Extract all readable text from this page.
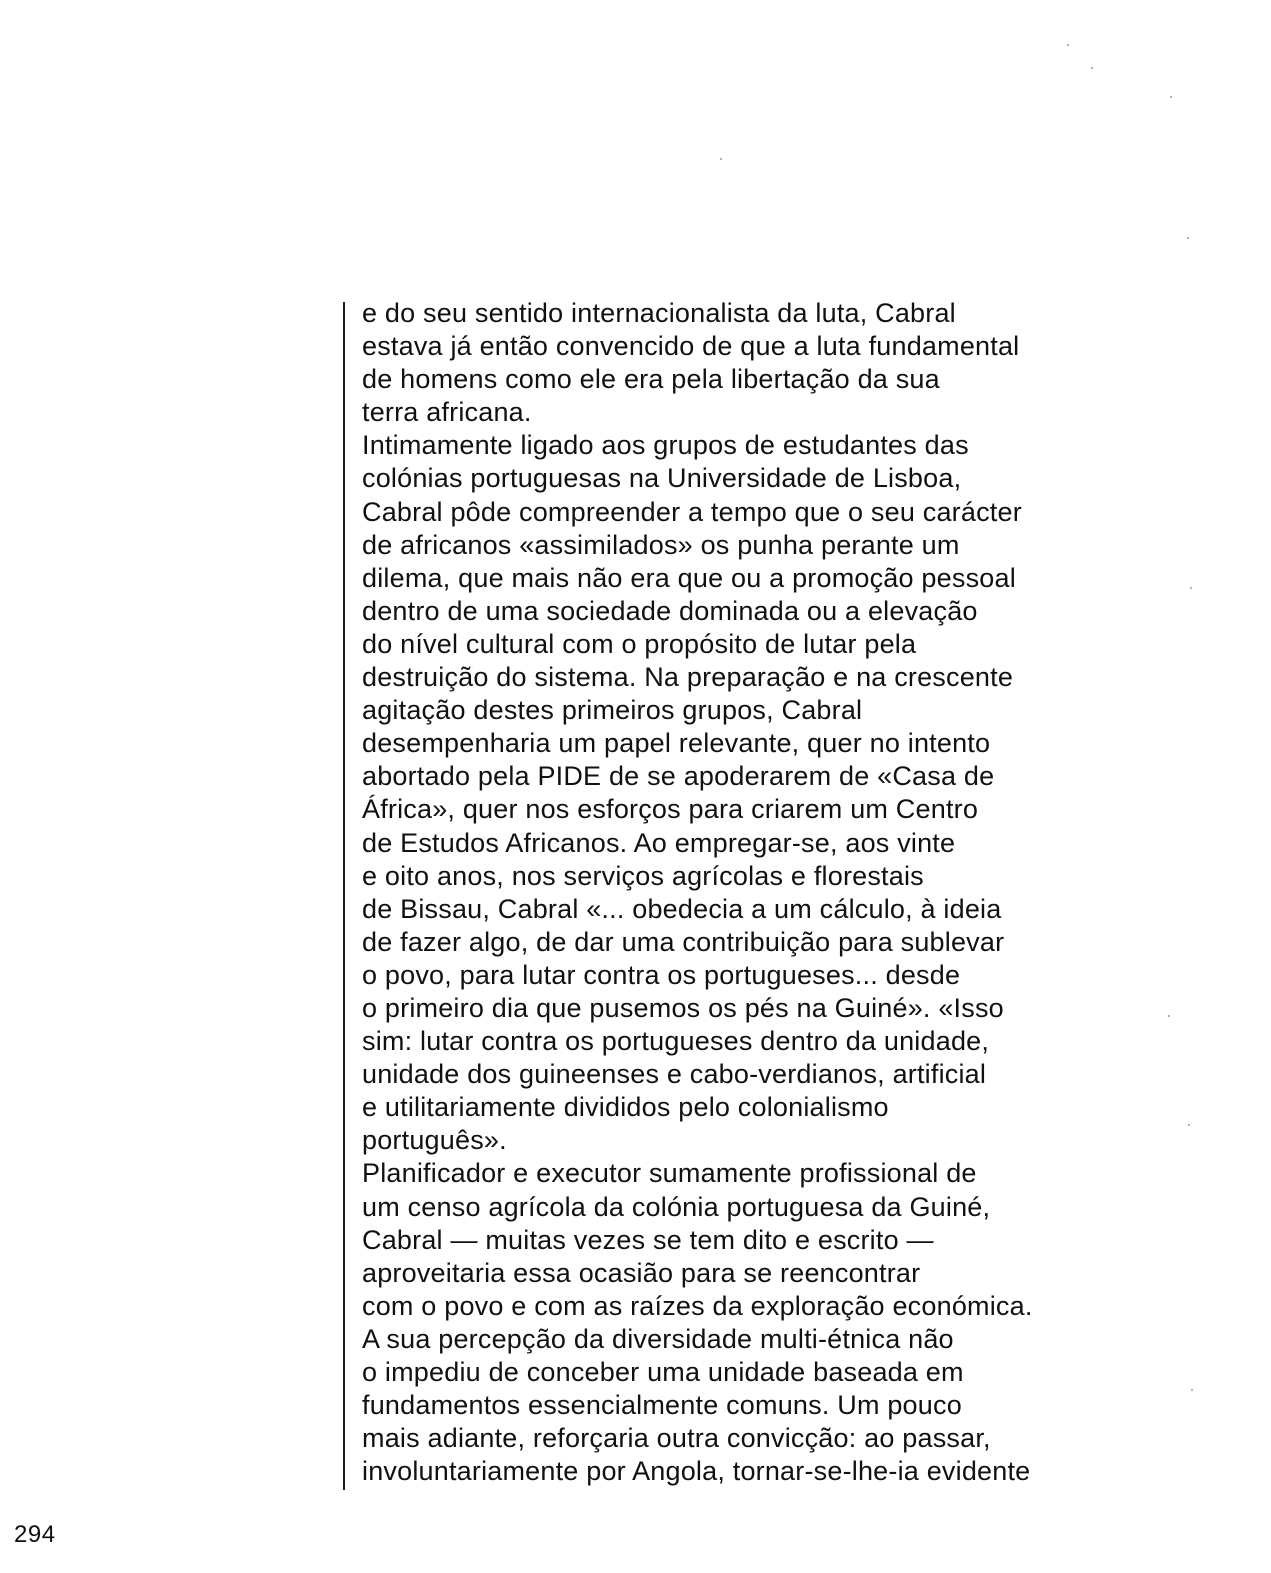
e do seu sentido internacionalista da luta, Cabral
estava já então convencido de que a luta fundamental
de homens como ele era pela libertação da sua
terra africana.
Intimamente ligado aos grupos de estudantes das
colónias portuguesas na Universidade de Lisboa,
Cabral pôde compreender a tempo que o seu carácter
de africanos «assimilados» os punha perante um
dilema, que mais não era que ou a promoção pessoal
dentro de uma sociedade dominada ou a elevação
do nível cultural com o propósito de lutar pela
destruição do sistema. Na preparação e na crescente
agitação destes primeiros grupos, Cabral
desempenharia um papel relevante, quer no intento
abortado pela PIDE de se apoderarem de «Casa de
África», quer nos esforços para criarem um Centro
de Estudos Africanos. Ao empregar-se, aos vinte
e oito anos, nos serviços agrícolas e florestais
de Bissau, Cabral «... obedecia a um cálculo, à ideia
de fazer algo, de dar uma contribuição para sublevar
o povo, para lutar contra os portugueses... desde
o primeiro dia que pusemos os pés na Guiné». «Isso
sim: lutar contra os portugueses dentro da unidade,
unidade dos guineenses e cabo-verdianos, artificial
e utilitariamente divididos pelo colonialismo
português».
Planificador e executor sumamente profissional de
um censo agrícola da colónia portuguesa da Guiné,
Cabral — muitas vezes se tem dito e escrito —
aproveitaria essa ocasião para se reencontrar
com o povo e com as raízes da exploração económica.
A sua percepção da diversidade multi-étnica não
o impediu de conceber uma unidade baseada em
fundamentos essencialmente comuns. Um pouco
mais adiante, reforçaria outra convicção: ao passar,
involuntariamente por Angola, tornar-se-lhe-ia evidente
294
